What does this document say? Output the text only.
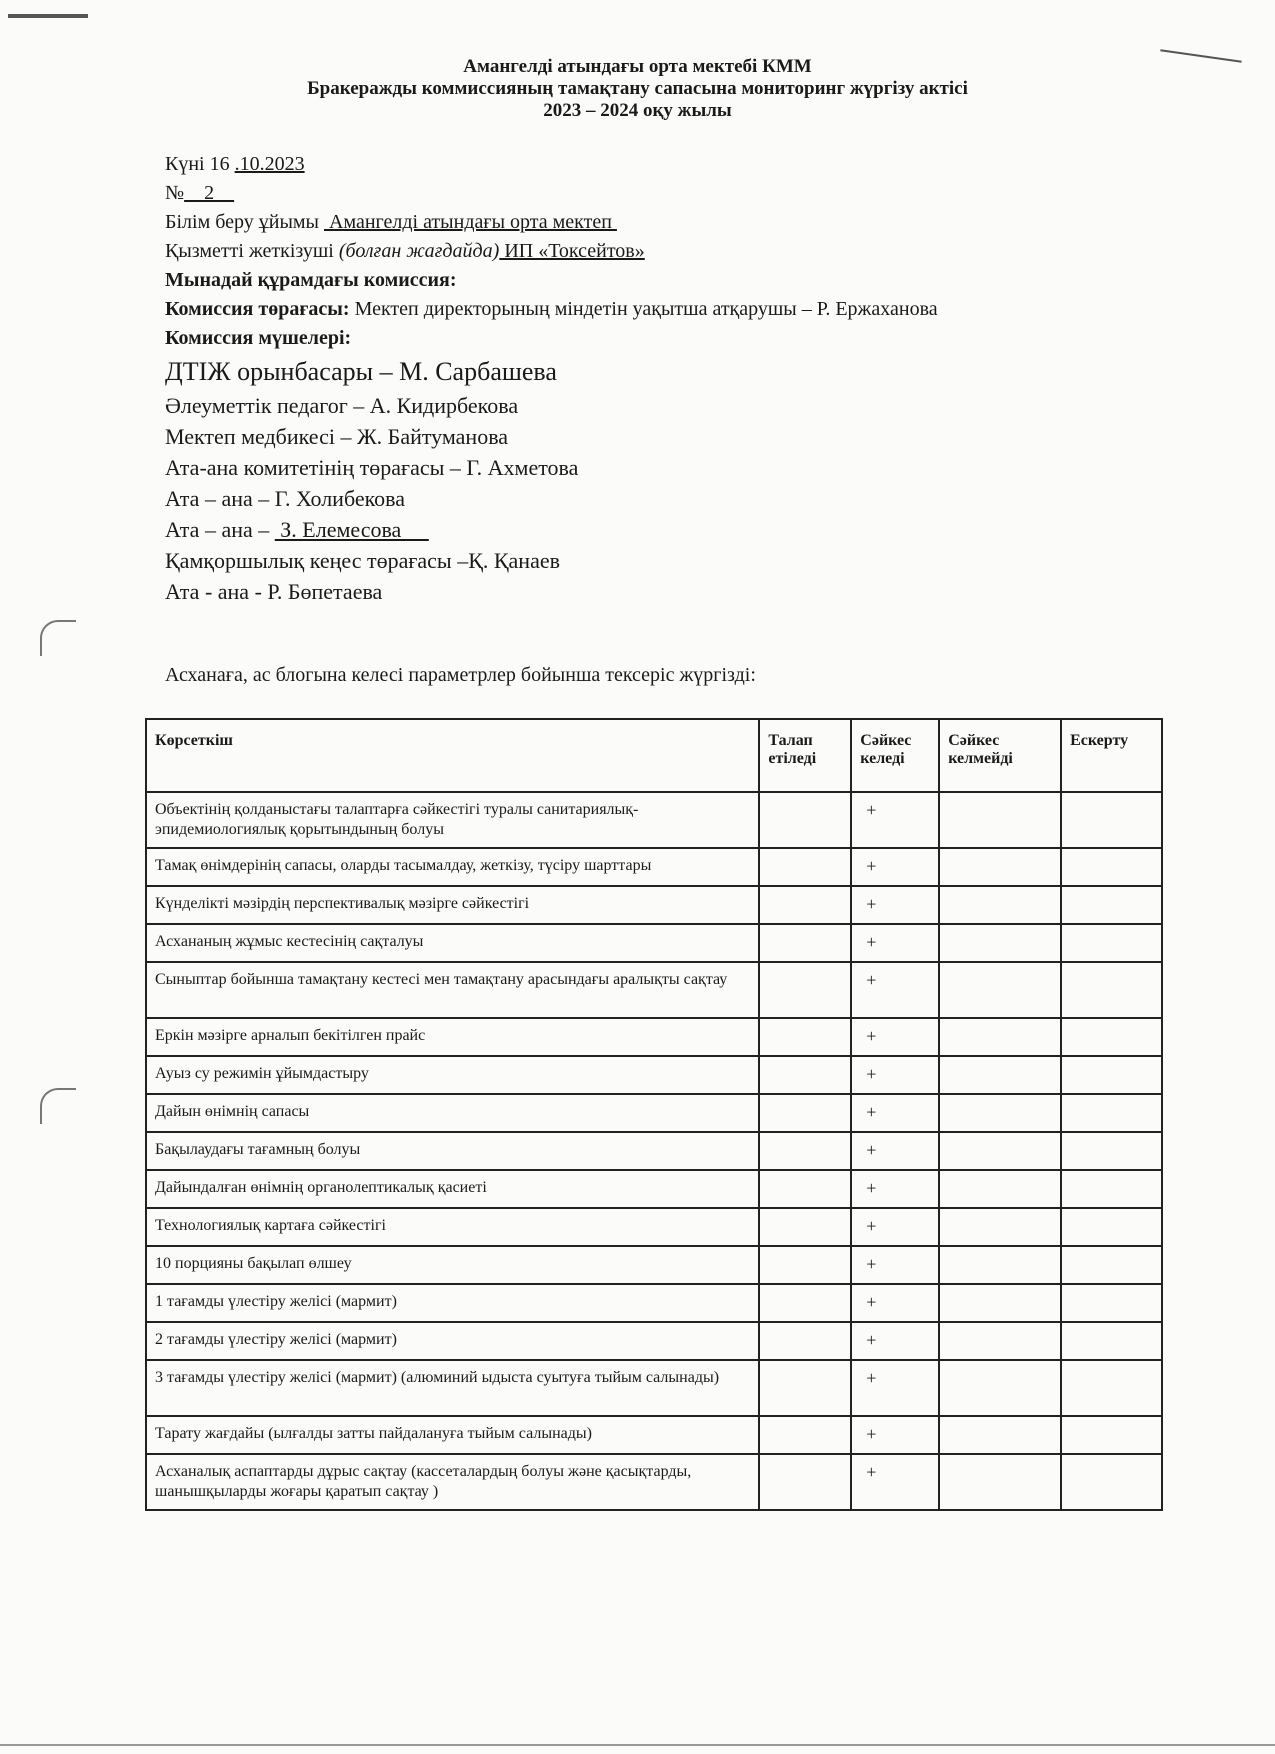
Амангелді атындағы орта мектебі КММ
Бракеражды коммиссияның тамақтану сапасына мониторинг жүргізу актісі
2023 – 2024 оқу жылы
Күні 16 .10.2023
№    2
Білім беру ұйымы  Амангелді атындағы орта мектеп
Қызметті жеткізуші (болған жағдайда) ИП «Токсейтов»
Мынадай құрамдағы комиссия:
Комиссия төрағасы: Мектеп директорының міндетін уақытша атқарушы – Р. Ержаханова
Комиссия мүшелері:
ДТІЖ орынбасары – М. Сарбашева
Әлеуметтік педагог – А. Кидирбекова
Мектеп медбикесі – Ж. Байтуманова
Ата-ана комитетінің төрағасы – Г. Ахметова
Ата – ана – Г. Холибекова
Ата – ана –  З. Елемесова
Қамқоршылық кеңес төрағасы –Қ. Қанаев
Ата - ана - Р. Бөпетаева
Асханаға, ас блогына келесі параметрлер бойынша тексеріс жүргізді:
Көрсеткіш	Талап етіледі	Сәйкес келеді	Сәйкес келмейді	Ескерту
Объектінің қолданыстағы талаптарға сәйкестігі туралы санитариялық-эпидемиологиялық қорытындының болуы		+		
Тамақ өнімдерінің сапасы, оларды тасымалдау, жеткізу, түсіру шарттары		+		
Күнделікті мәзірдің перспективалық мәзірге сәйкестігі		+		
Асхананың жұмыс кестесінің сақталуы		+		
Сыныптар бойынша тамақтану кестесі мен тамақтану арасындағы аралықты сақтау		+		
Еркін мәзірге арналып бекітілген прайс		+		
Ауыз су режимін ұйымдастыру		+		
Дайын өнімнің сапасы		+		
Бақылаудағы тағамның болуы		+		
Дайындалған өнімнің органолептикалық қасиеті		+		
Технологиялық картаға сәйкестігі		+		
10 порцияны бақылап өлшеу		+		
1 тағамды үлестіру желісі (мармит)		+		
2 тағамды үлестіру желісі (мармит)		+		
3 тағамды үлестіру желісі (мармит) (алюминий ыдыста суытуға тыйым салынады)		+		
Тарату жағдайы (ылғалды затты пайдалануға тыйым салынады)		+		
Асханалық аспаптарды дұрыс сақтау (кассеталардың болуы және қасықтарды, шанышқыларды жоғары қаратып сақтау )		+		
